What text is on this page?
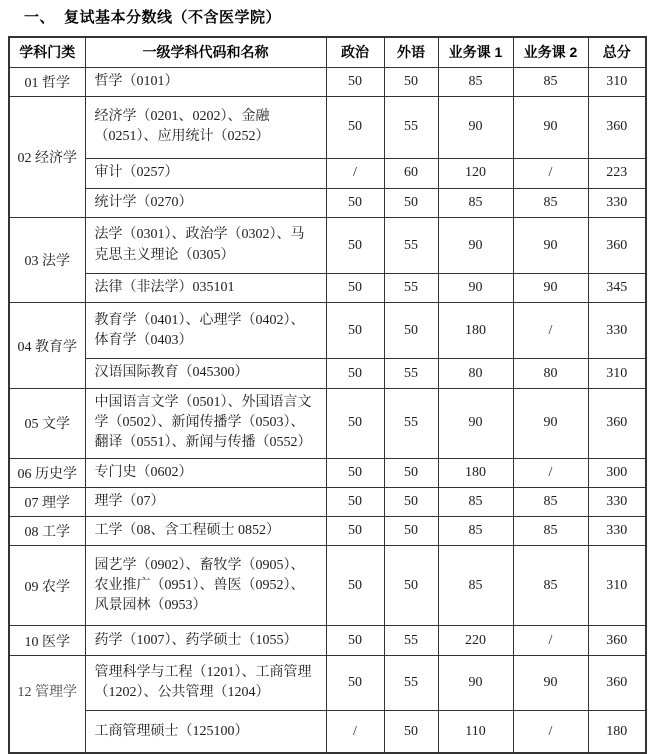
一、 复试基本分数线（不含医学院）
学科门类	一级学科代码和名称	政治	外语	业务课 1	业务课 2	总分
01 哲学	哲学（0101）	50	50	85	85	310
02 经济学	经济学（0201、0202）、金融（0251）、应用统计（0252）	50	55	90	90	360
	审计（0257）	/	60	120	/	223
	统计学（0270）	50	50	85	85	330
03 法学	法学（0301）、政治学（0302）、马克思主义理论（0305）	50	55	90	90	360
	法律（非法学）035101	50	55	90	90	345
04 教育学	教育学（0401）、心理学（0402）、体育学（0403）	50	50	180	/	330
	汉语国际教育（045300）	50	55	80	80	310
05 文学	中国语言文学（0501）、外国语言文学（0502）、新闻传播学（0503）、翻译（0551）、新闻与传播（0552）	50	55	90	90	360
06 历史学	专门史（0602）	50	50	180	/	300
07 理学	理学（07）	50	50	85	85	330
08 工学	工学（08、含工程硕士 0852）	50	50	85	85	330
09 农学	园艺学（0902）、畜牧学（0905）、农业推广（0951）、兽医（0952）、风景园林（0953）	50	50	85	85	310
10 医学	药学（1007）、药学硕士（1055）	50	55	220	/	360

12 管理学	管理科学与工程（1201）、工商管理（1202）、公共管理（1204）	50	55	90	90	360
	工商管理硕士（125100）	/	50	110	/	180
